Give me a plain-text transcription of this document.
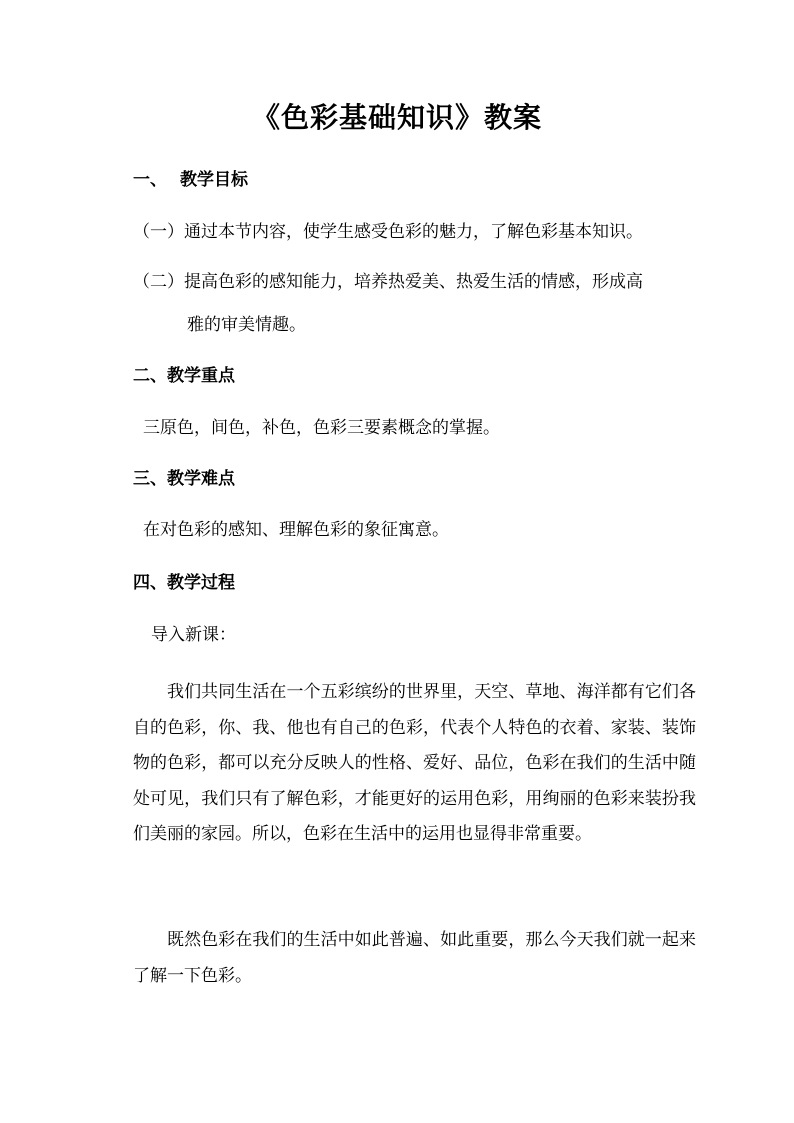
《色彩基础知识》教案
一、 教学目标
（一）通过本节内容，使学生感受色彩的魅力，了解色彩基本知识。
（二）提高色彩的感知能力，培养热爱美、热爱生活的情感，形成高
雅的审美情趣。
二、教学重点
三原色，间色，补色，色彩三要素概念的掌握。
三、教学难点
在对色彩的感知、理解色彩的象征寓意。
四、教学过程
导入新课：
我们共同生活在一个五彩缤纷的世界里，天空、草地、海洋都有它们各自的色彩，你、我、他也有自己的色彩，代表个人特色的衣着、家装、装饰物的色彩，都可以充分反映人的性格、爱好、品位，色彩在我们的生活中随处可见，我们只有了解色彩，才能更好的运用色彩，用绚丽的色彩来装扮我们美丽的家园。所以，色彩在生活中的运用也显得非常重要。
既然色彩在我们的生活中如此普遍、如此重要，那么今天我们就一起来了解一下色彩。
